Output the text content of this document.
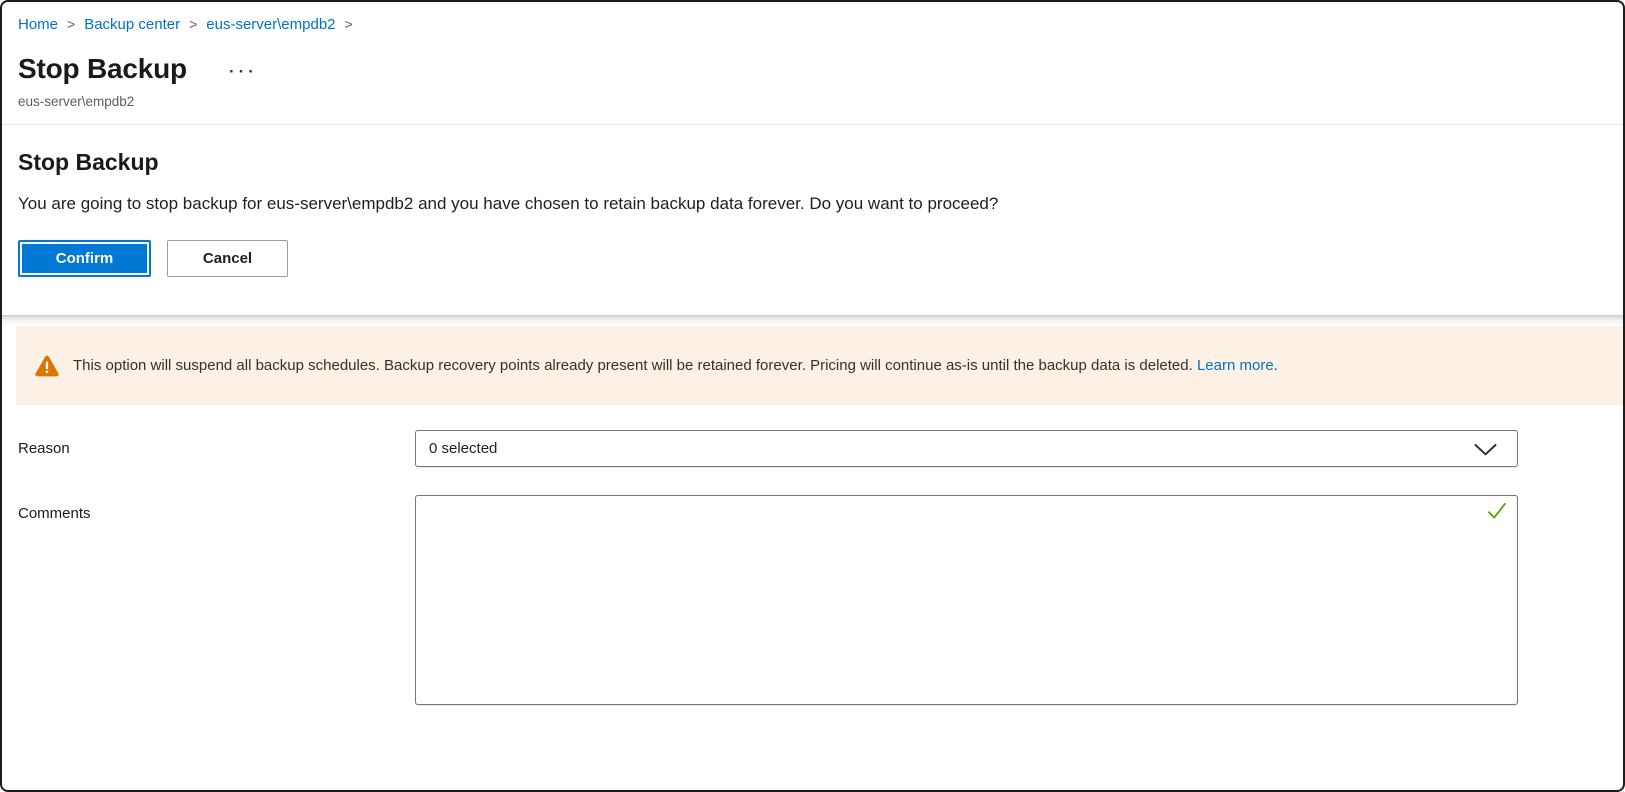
Home > Backup center > eus-server\empdb2 >
Stop Backup ···
eus-server\empdb2
Stop Backup
You are going to stop backup for eus-server\empdb2 and you have chosen to retain backup data forever. Do you want to proceed?
Confirm	Cancel
This option will suspend all backup schedules. Backup recovery points already present will be retained forever. Pricing will continue as-is until the backup data is deleted. Learn more.
Reason	0 selected
Comments
